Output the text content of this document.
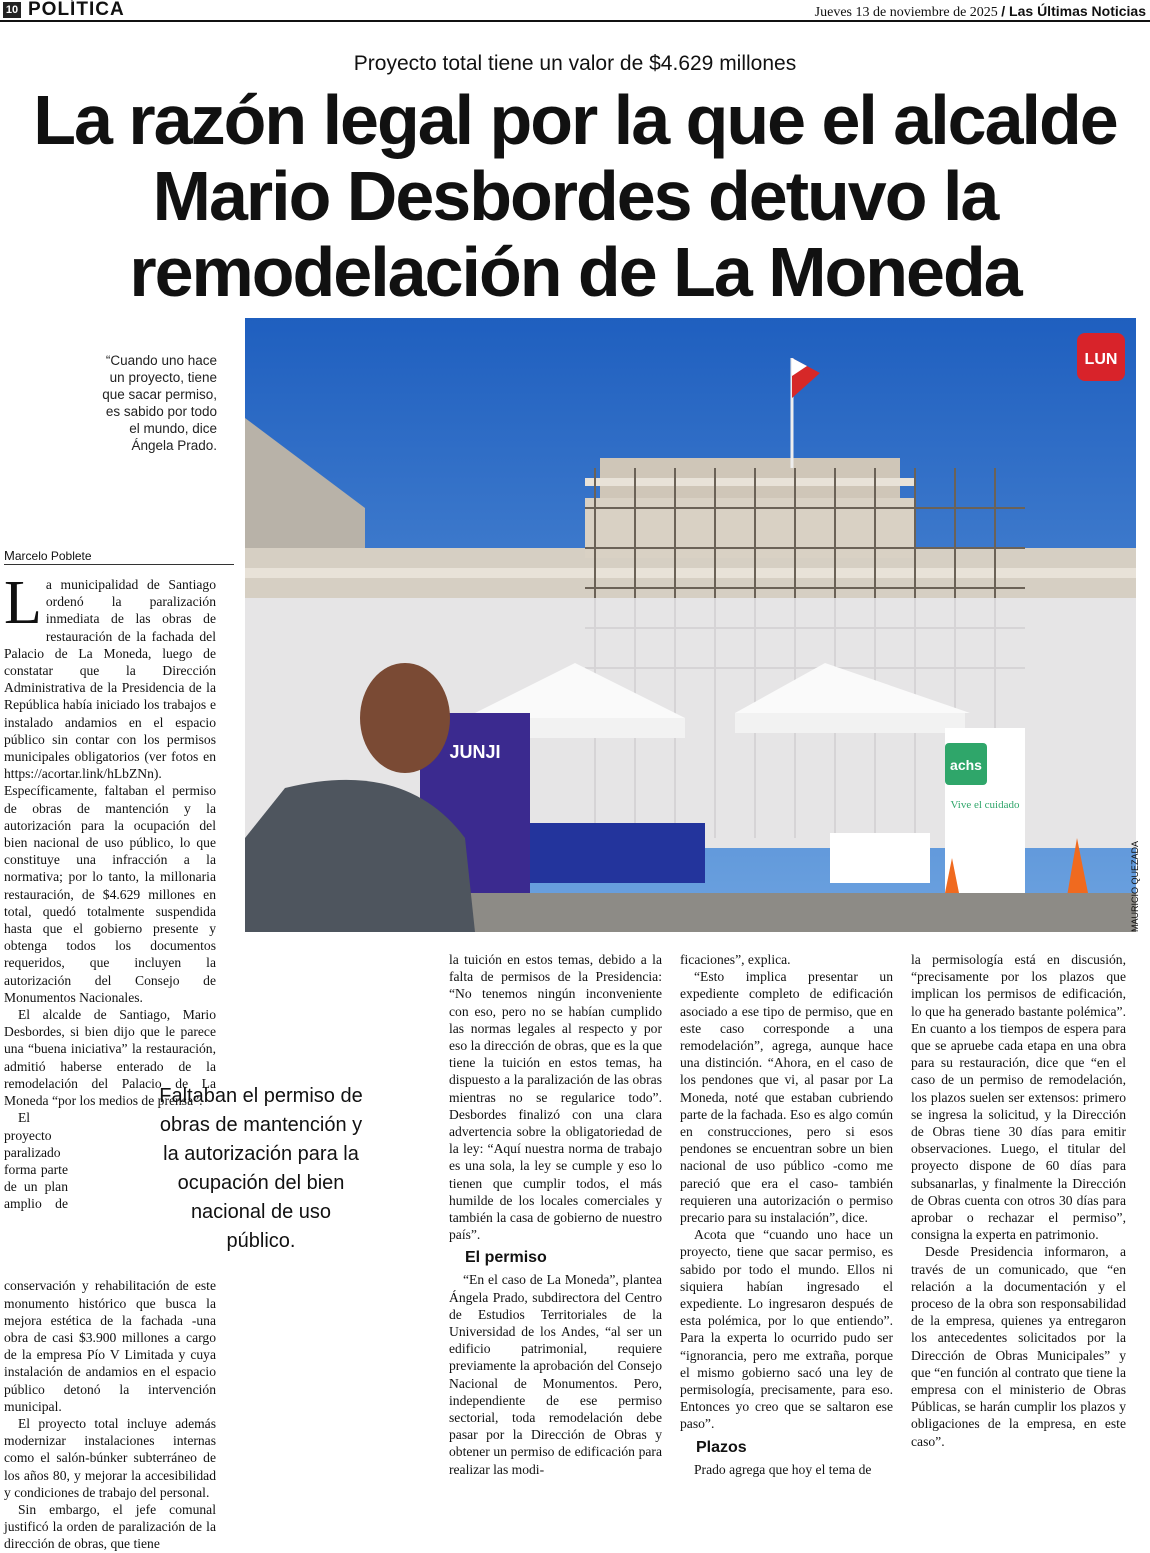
10 POLÍTICA	Jueves 13 de noviembre de 2025 / Las Últimas Noticias
Proyecto total tiene un valor de $4.629 millones
La razón legal por la que el alcalde Mario Desbordes detuvo la remodelación de La Moneda
JUNJI
achs
Vive el cuidado
LUN
MAURICIO QUEZADA
“Cuando uno hace un proyecto, tiene que sacar permiso, es sabido por todo el mundo, dice Ángela Prado.
Marcelo Poblete

La municipalidad de Santiago ordenó la paralización inmediata de las obras de restauración de la fachada del Palacio de La Moneda, luego de constatar que la Dirección Administrativa de la Presidencia de la República había iniciado los trabajos e instalado andamios en el espacio público sin contar con los permisos municipales obligatorios (ver fotos en https://acortar.link/hLbZNn). Específicamente, faltaban el permiso de obras de mantención y la autorización para la ocupación del bien nacional de uso público, lo que constituye una infracción a la normativa; por lo tanto, la millonaria restauración, de $4.629 millones en total, quedó totalmente suspendida hasta que el gobierno presente y obtenga todos los documentos requeridos, que incluyen la autorización del Consejo de Monumentos Nacionales.

El alcalde de Santiago, Mario Desbordes, si bien dijo que le parece una “buena iniciativa” la restauración, admitió haberse enterado de la remodelación del Palacio de La Moneda “por los medios de prensa”.

El proyecto paralizado forma parte de un plan amplio de conservación y rehabilitación de este monumento histórico que busca la mejora estética de la fachada -una obra de casi $3.900 millones a cargo de la empresa Pío V Limitada y cuya instalación de andamios en el espacio público detonó la intervención municipal.

El proyecto total incluye además modernizar instalaciones internas como el salón-búnker subterráneo de los años 80, y mejorar la accesibilidad y condiciones de trabajo del personal.

Sin embargo, el jefe comunal justificó la orden de paralización de la dirección de obras, que tiene

Faltaban el permiso de obras de mantención y la autorización para la ocupación del bien nacional de uso público.

la tuición en estos temas, debido a la falta de permisos de la Presidencia: “No tenemos ningún inconveniente con eso, pero no se habían cumplido las normas legales al respecto y por eso la dirección de obras, que es la que tiene la tuición en estos temas, ha dispuesto a la paralización de las obras mientras no se regularice todo”. Desbordes finalizó con una clara advertencia sobre la obligatoriedad de la ley: “Aquí nuestra norma de trabajo es una sola, la ley se cumple y eso lo tienen que cumplir todos, el más humilde de los locales comerciales y también la casa de gobierno de nuestro país”.

El permiso

“En el caso de La Moneda”, plantea Ángela Prado, subdirectora del Centro de Estudios Territoriales de la Universidad de los Andes, “al ser un edificio patrimonial, requiere previamente la aprobación del Consejo Nacional de Monumentos. Pero, independiente de ese permiso sectorial, toda remodelación debe pasar por la Dirección de Obras y obtener un permiso de edificación para realizar las modi-

ficaciones”, explica.

“Esto implica presentar un expediente completo de edificación asociado a ese tipo de permiso, que en este caso corresponde a una remodelación”, agrega, aunque hace una distinción. “Ahora, en el caso de los pendones que vi, al pasar por La Moneda, noté que estaban cubriendo parte de la fachada. Eso es algo común en construcciones, pero si esos pendones se encuentran sobre un bien nacional de uso público -como me pareció que era el caso- también requieren una autorización o permiso precario para su instalación”, dice.

Acota que “cuando uno hace un proyecto, tiene que sacar permiso, es sabido por todo el mundo. Ellos ni siquiera habían ingresado el expediente. Lo ingresaron después de esta polémica, por lo que entiendo”. Para la experta lo ocurrido pudo ser “ignorancia, pero me extraña, porque el mismo gobierno sacó una ley de permisología, precisamente, para eso. Entonces yo creo que se saltaron ese paso”.

Plazos

Prado agrega que hoy el tema de

la permisología está en discusión, “precisamente por los plazos que implican los permisos de edificación, lo que ha generado bastante polémica”. En cuanto a los tiempos de espera para que se apruebe cada etapa en una obra para su restauración, dice que “en el caso de un permiso de remodelación, los plazos suelen ser extensos: primero se ingresa la solicitud, y la Dirección de Obras tiene 30 días para emitir observaciones. Luego, el titular del proyecto dispone de 60 días para subsanarlas, y finalmente la Dirección de Obras cuenta con otros 30 días para aprobar o rechazar el permiso”, consigna la experta en patrimonio.

Desde Presidencia informaron, a través de un comunicado, que “en relación a la documentación y el proceso de la obra son responsabilidad de la empresa, quienes ya entregaron los antecedentes solicitados por la Dirección de Obras Municipales” y que “en función al contrato que tiene la empresa con el ministerio de Obras Públicas, se harán cumplir los plazos y obligaciones de la empresa, en este caso”.
